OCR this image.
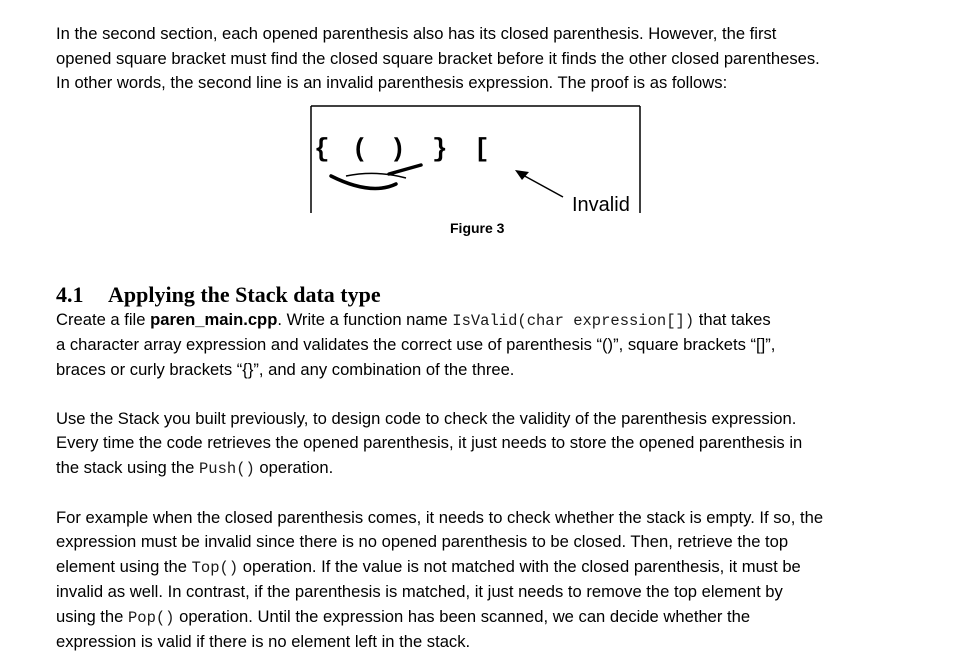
In the second section, each opened parenthesis also has its closed parenthesis. However, the first

opened square bracket must find the closed square bracket before it finds the other closed parentheses.

In other words, the second line is an invalid parenthesis expression. The proof is as follows:

{ ( ) } [
Invalid
Figure 3
4.1 Applying the Stack data type

Create a file paren_main.cpp. Write a function name IsValid(char expression[]) that takes

a character array expression and validates the correct use of parenthesis “()”, square brackets “[]”,

braces or curly brackets “{}”, and any combination of the three.

Use the Stack you built previously, to design code to check the validity of the parenthesis expression.

Every time the code retrieves the opened parenthesis, it just needs to store the opened parenthesis in

the stack using the Push() operation.

For example when the closed parenthesis comes, it needs to check whether the stack is empty. If so, the

expression must be invalid since there is no opened parenthesis to be closed. Then, retrieve the top

element using the Top() operation. If the value is not matched with the closed parenthesis, it must be

invalid as well. In contrast, if the parenthesis is matched, it just needs to remove the top element by

using the Pop() operation. Until the expression has been scanned, we can decide whether the

expression is valid if there is no element left in the stack.
